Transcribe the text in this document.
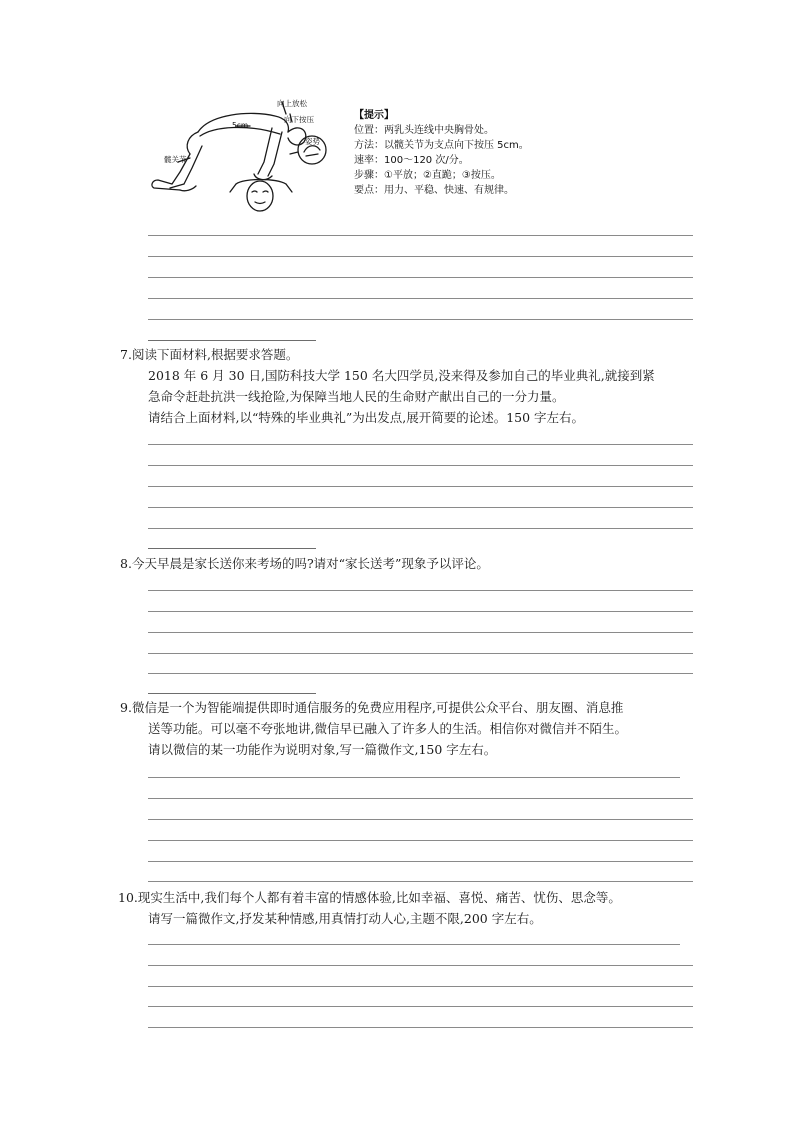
向上放松
向下按压
5cm
髋关节
姿势
【提示】
位置：两乳头连线中央胸骨处。
方法：以髋关节为支点向下按压 5cm。
速率：100～120 次/分。
步骤：①平放；②直跪；③按压。
要点：用力、平稳、快速、有规律。
7.阅读下面材料,根据要求答题。
2018 年 6 月 30 日,国防科技大学 150 名大四学员,没来得及参加自己的毕业典礼,就接到紧
急命令赶赴抗洪一线抢险,为保障当地人民的生命财产献出自己的一分力量。
请结合上面材料,以“特殊的毕业典礼”为出发点,展开简要的论述。150 字左右。
8.今天早晨是家长送你来考场的吗?请对“家长送考”现象予以评论。
9.微信是一个为智能端提供即时通信服务的免费应用程序,可提供公众平台、朋友圈、消息推
送等功能。可以毫不夸张地讲,微信早已融入了许多人的生活。相信你对微信并不陌生。
请以微信的某一功能作为说明对象,写一篇微作文,150 字左右。
10.现实生活中,我们每个人都有着丰富的情感体验,比如幸福、喜悦、痛苦、忧伤、思念等。
请写一篇微作文,抒发某种情感,用真情打动人心,主题不限,200 字左右。
